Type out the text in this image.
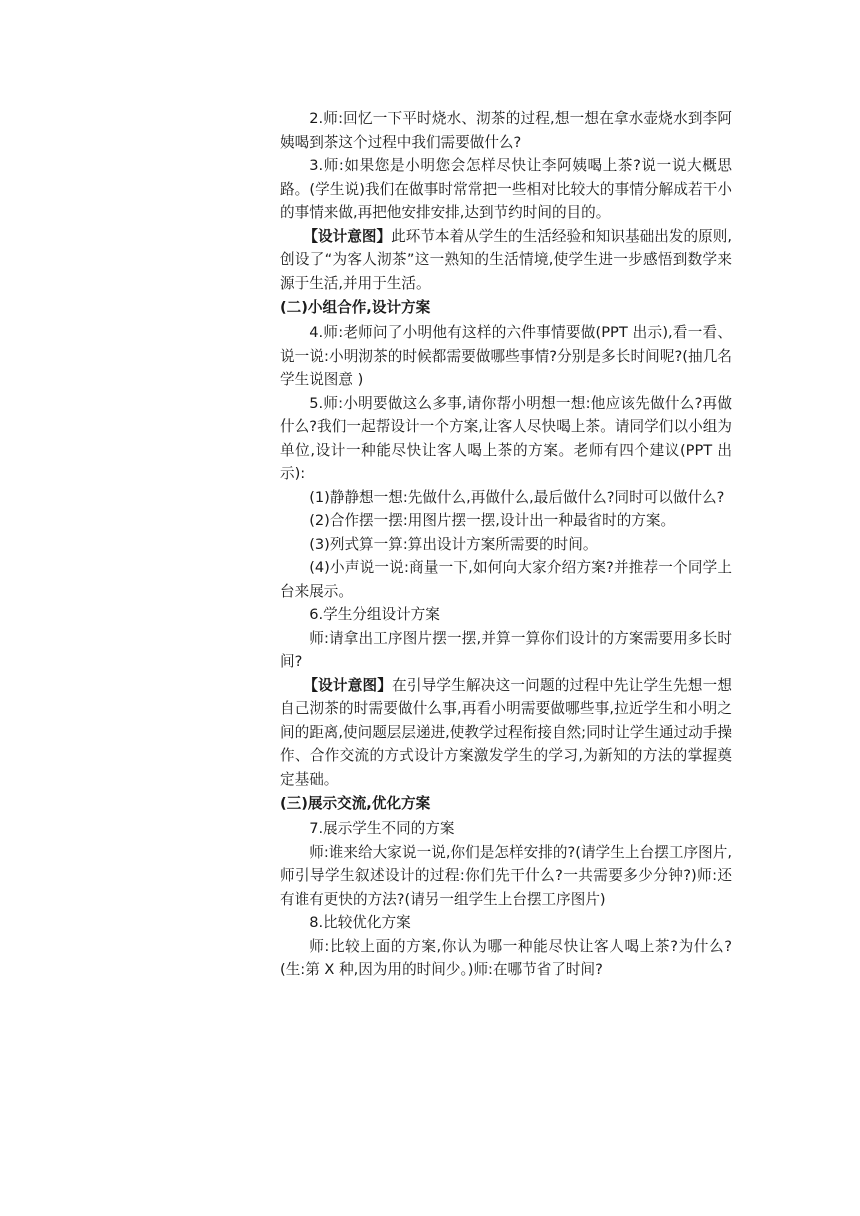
2.师:回忆一下平时烧水、沏茶的过程,想一想在拿水壶烧水到李阿姨喝到茶这个过程中我们需要做什么?

3.师:如果您是小明您会怎样尽快让李阿姨喝上茶?说一说大概思路。(学生说)我们在做事时常常把一些相对比较大的事情分解成若干小的事情来做,再把他安排安排,达到节约时间的目的。

【设计意图】此环节本着从学生的生活经验和知识基础出发的原则,创设了“为客人沏茶”这一熟知的生活情境,使学生进一步感悟到数学来源于生活,并用于生活。

(二)小组合作,设计方案

4.师:老师问了小明他有这样的六件事情要做(PPT 出示),看一看、说一说:小明沏茶的时候都需要做哪些事情?分别是多长时间呢?(抽几名学生说图意 )

5.师:小明要做这么多事,请你帮小明想一想:他应该先做什么?再做什么?我们一起帮设计一个方案,让客人尽快喝上茶。请同学们以小组为单位,设计一种能尽快让客人喝上茶的方案。老师有四个建议(PPT 出示):

(1)静静想一想:先做什么,再做什么,最后做什么?同时可以做什么?

(2)合作摆一摆:用图片摆一摆,设计出一种最省时的方案。

(3)列式算一算:算出设计方案所需要的时间。

(4)小声说一说:商量一下,如何向大家介绍方案?并推荐一个同学上台来展示。

6.学生分组设计方案

师:请拿出工序图片摆一摆,并算一算你们设计的方案需要用多长时间?

【设计意图】在引导学生解决这一问题的过程中先让学生先想一想自己沏茶的时需要做什么事,再看小明需要做哪些事,拉近学生和小明之间的距离,使问题层层递进,使教学过程衔接自然;同时让学生通过动手操作、合作交流的方式设计方案激发学生的学习,为新知的方法的掌握奠定基础。

(三)展示交流,优化方案

7.展示学生不同的方案

师:谁来给大家说一说,你们是怎样安排的?(请学生上台摆工序图片,师引导学生叙述设计的过程:你们先干什么?一共需要多少分钟?)师:还有谁有更快的方法?(请另一组学生上台摆工序图片)

8.比较优化方案

师:比较上面的方案,你认为哪一种能尽快让客人喝上茶?为什么?(生:第 X 种,因为用的时间少。)师:在哪节省了时间?
